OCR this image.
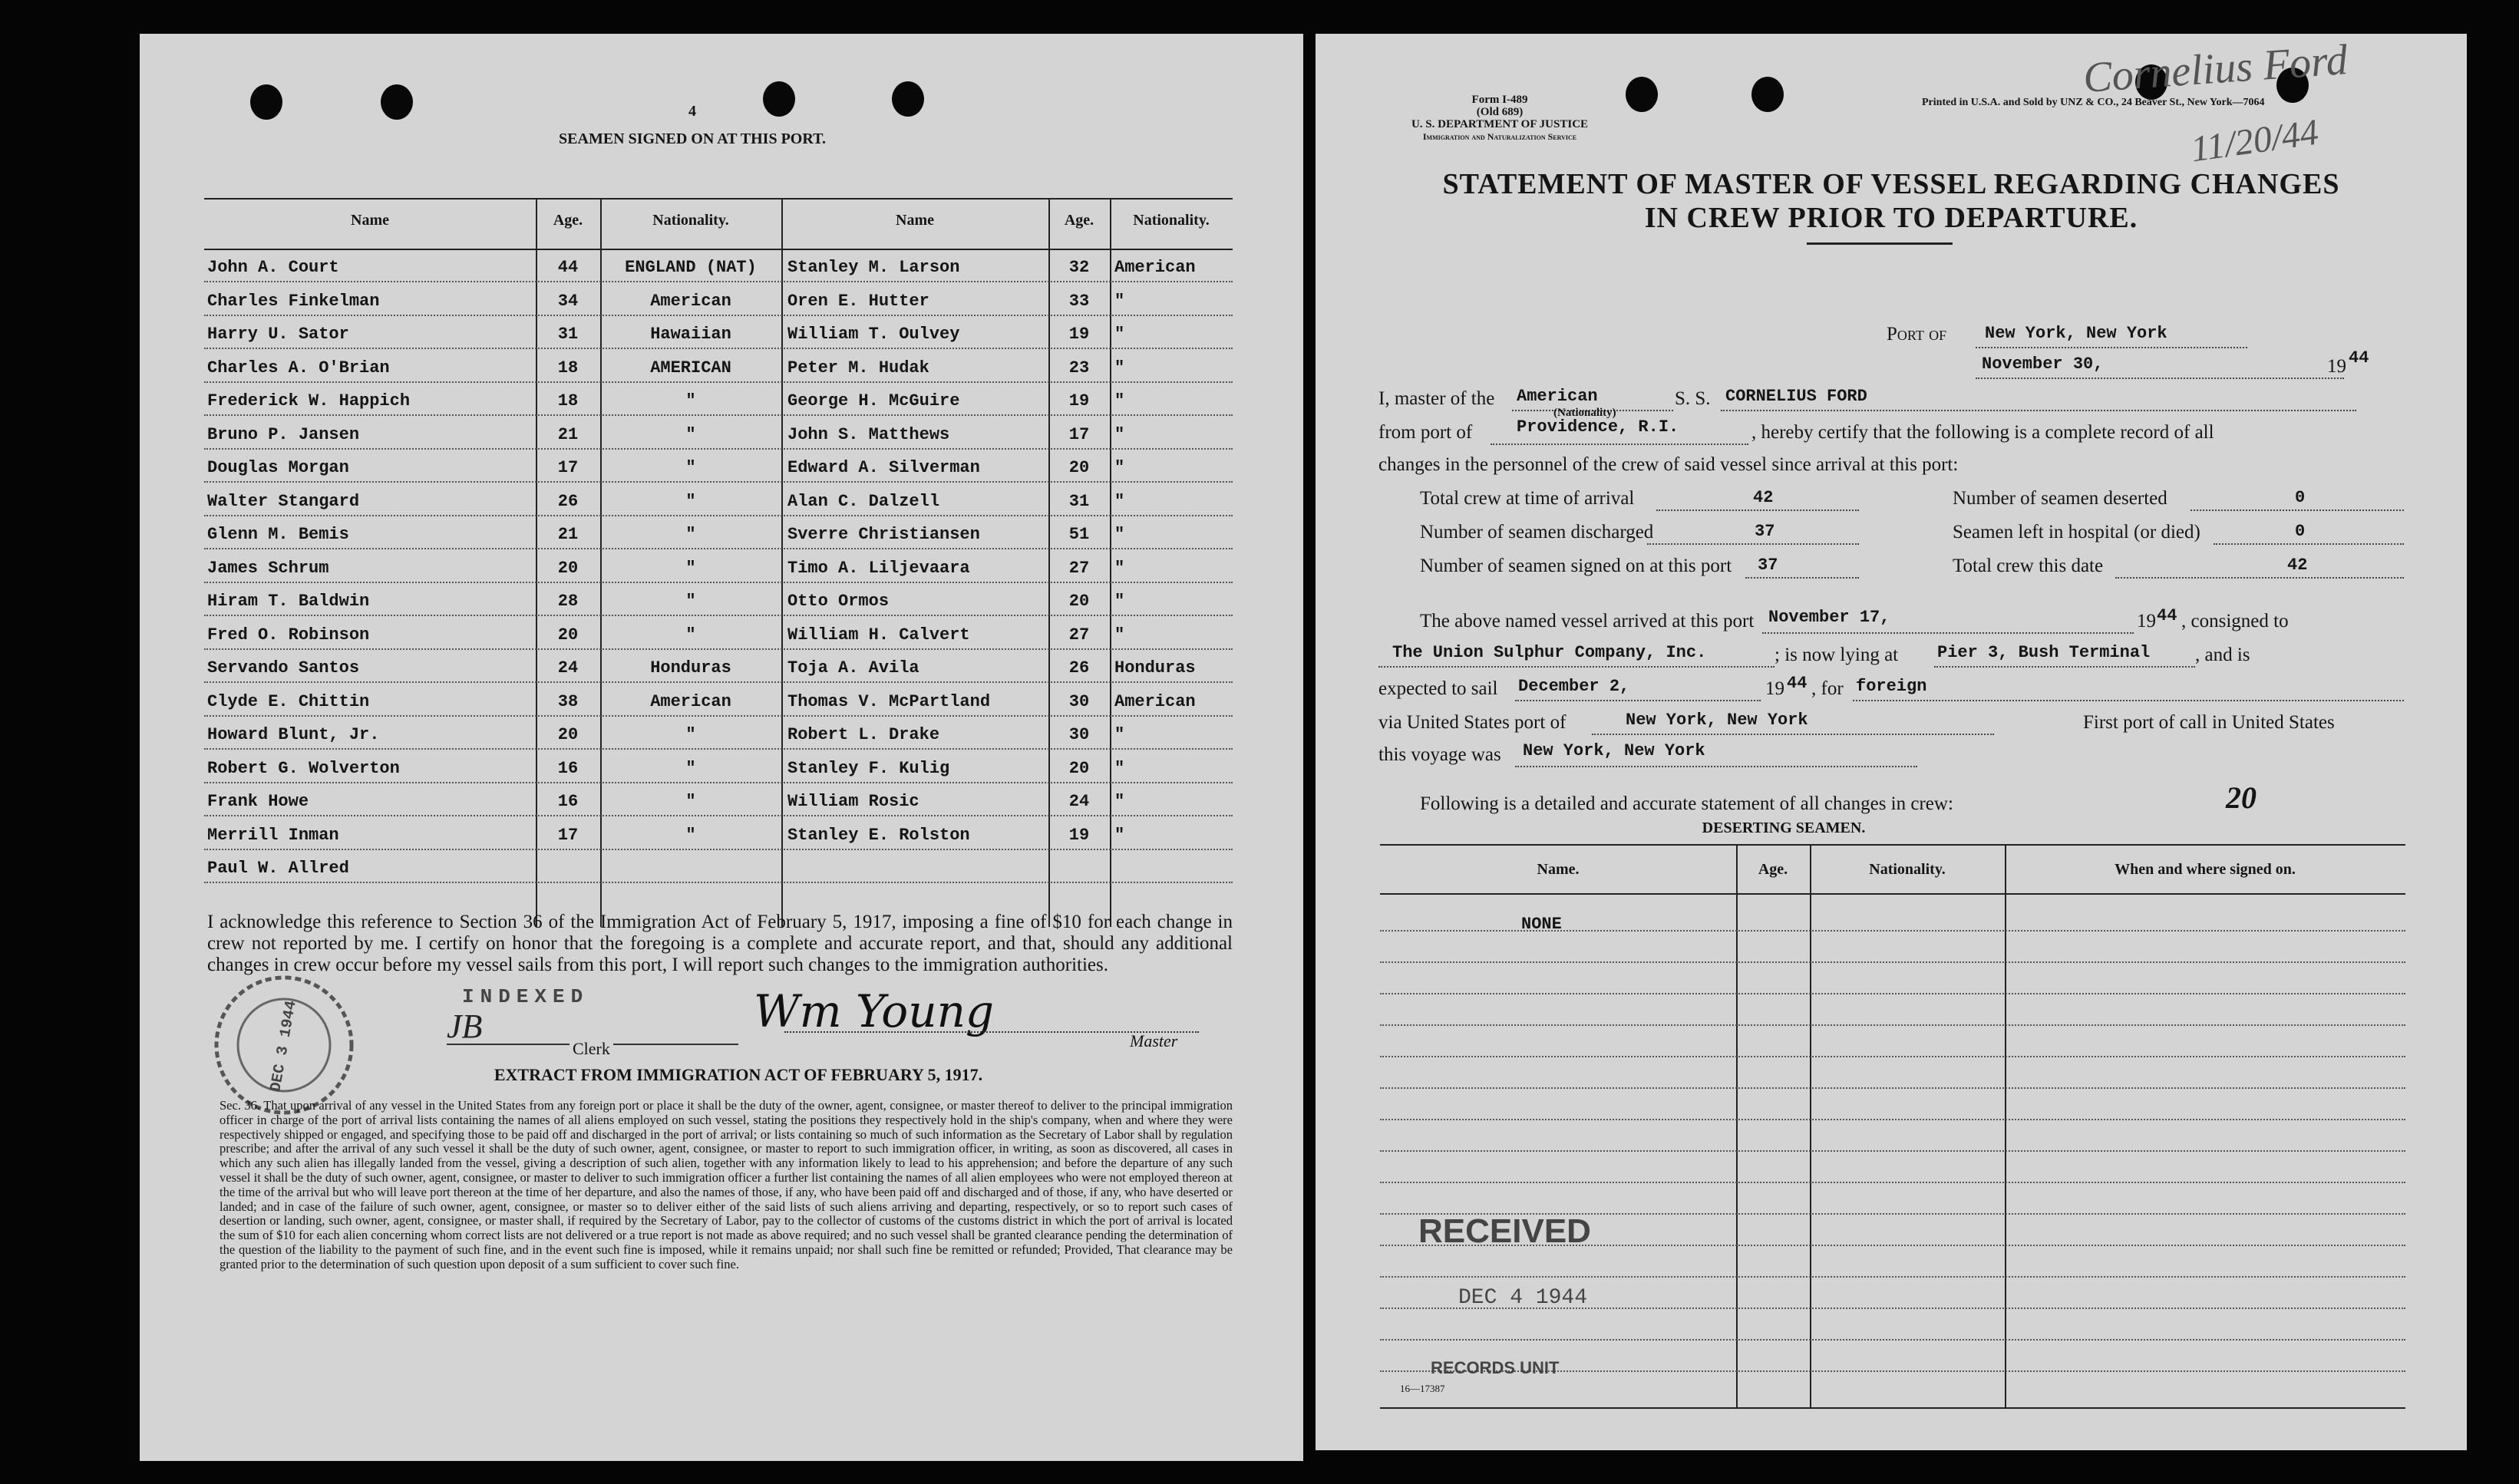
4
SEAMEN SIGNED ON AT THIS PORT.
Name	Age.	Nationality.	Name	Age.	Nationality.
John A. Court	44	ENGLAND (NAT)	Stanley M. Larson	32	American
Charles Finkelman	34	American	Oren E. Hutter	33	"
Harry U. Sator	31	Hawaiian	William T. Oulvey	19	"
Charles A. O'Brian	18	AMERICAN	Peter M. Hudak	23	"
Frederick W. Happich	18	"	George H. McGuire	19	"
Bruno P. Jansen	21	"	John S. Matthews	17	"
Douglas Morgan	17	"	Edward A. Silverman	20	"
Walter Stangard	26	"	Alan C. Dalzell	31	"
Glenn M. Bemis	21	"	Sverre Christiansen	51	"
James Schrum	20	"	Timo A. Liljevaara	27	"
Hiram T. Baldwin	28	"	Otto Ormos	20	"
Fred O. Robinson	20	"	William H. Calvert	27	"
Servando Santos	24	Honduras	Toja A. Avila	26	Honduras
Clyde E. Chittin	38	American	Thomas V. McPartland	30	American
Howard Blunt, Jr.	20	"	Robert L. Drake	30	"
Robert G. Wolverton	16	"	Stanley F. Kulig	20	"
Frank Howe	16	"	William Rosic	24	"
Merrill Inman	17	"	Stanley E. Rolston	19	"
Paul W. Allred
I acknowledge this reference to Section 36 of the Immigration Act of February 5, 1917, imposing a fine of $10 for each change in crew not reported by me. I certify on honor that the foregoing is a complete and accurate report, and that, should any additional changes in crew occur before my vessel sails from this port, I will report such changes to the immigration authorities.
INDEXED
JB
Clerk
Wm Young
Master
DEC 3 1944	EXTRACT FROM IMMIGRATION ACT OF FEBRUARY 5, 1917.
Sec. 36. That upon arrival of any vessel in the United States from any foreign port or place it shall be the duty of the owner, agent, consignee, or master thereof to deliver to the principal immigration officer in charge of the port of arrival lists containing the names of all aliens employed on such vessel, stating the positions they respectively hold in the ship's company, when and where they were respectively shipped or engaged, and specifying those to be paid off and discharged in the port of arrival; or lists containing so much of such information as the Secretary of Labor shall by regulation prescribe; and after the arrival of any such vessel it shall be the duty of such owner, agent, consignee, or master to report to such immigration officer, in writing, as soon as discovered, all cases in which any such alien has illegally landed from the vessel, giving a description of such alien, together with any information likely to lead to his apprehension; and before the departure of any such vessel it shall be the duty of such owner, agent, consignee, or master to deliver to such immigration officer a further list containing the names of all alien employees who were not employed thereon at the time of the arrival but who will leave port thereon at the time of her departure, and also the names of those, if any, who have been paid off and discharged and of those, if any, who have deserted or landed; and in case of the failure of such owner, agent, consignee, or master so to deliver either of the said lists of such aliens arriving and departing, respectively, or so to report such cases of desertion or landing, such owner, agent, consignee, or master shall, if required by the Secretary of Labor, pay to the collector of customs of the customs district in which the port of arrival is located the sum of $10 for each alien concerning whom correct lists are not delivered or a true report is not made as above required; and no such vessel shall be granted clearance pending the determination of the question of the liability to the payment of such fine, and in the event such fine is imposed, while it remains unpaid; nor shall such fine be remitted or refunded; Provided, That clearance may be granted prior to the determination of such question upon deposit of a sum sufficient to cover such fine.
Form I-489
(Old 689)
U. S. DEPARTMENT OF JUSTICE
Immigration and Naturalization Service
Printed in U.S.A. and Sold by UNZ & CO., 24 Beaver St., New York—7064
Cornelius Ford
11/20/44
STATEMENT OF MASTER OF VESSEL REGARDING CHANGES
IN CREW PRIOR TO DEPARTURE.
Port of New York, New York
November 30,	19 44
I, master of the American
(Nationality)
S. S. CORNELIUS FORD
from port of	Providence, R.I.	, hereby certify that the following is a complete record of all
changes in the personnel of the crew of said vessel since arrival at this port:
Total crew at time of arrival	42
Number of seamen discharged	37
Number of seamen signed on at this port 37
Number of seamen deserted	0
Seamen left in hospital (or died)	0
Total crew this date	42
The above named vessel arrived at this port November 17,	19 44 , consigned to
The Union Sulphur Company, Inc.	; is now lying at Pier 3, Bush Terminal , and is
expected to sail December 2,	19 44 , for foreign
via United States port of	New York, New York	First port of call in United States
this voyage was New York, New York
Following is a detailed and accurate statement of all changes in crew:	20
DESERTING SEAMEN.
Name.	Age.	Nationality.	When and where signed on.
NONE
RECEIVED
DEC 4 1944
RECORDS UNIT
16—17387
